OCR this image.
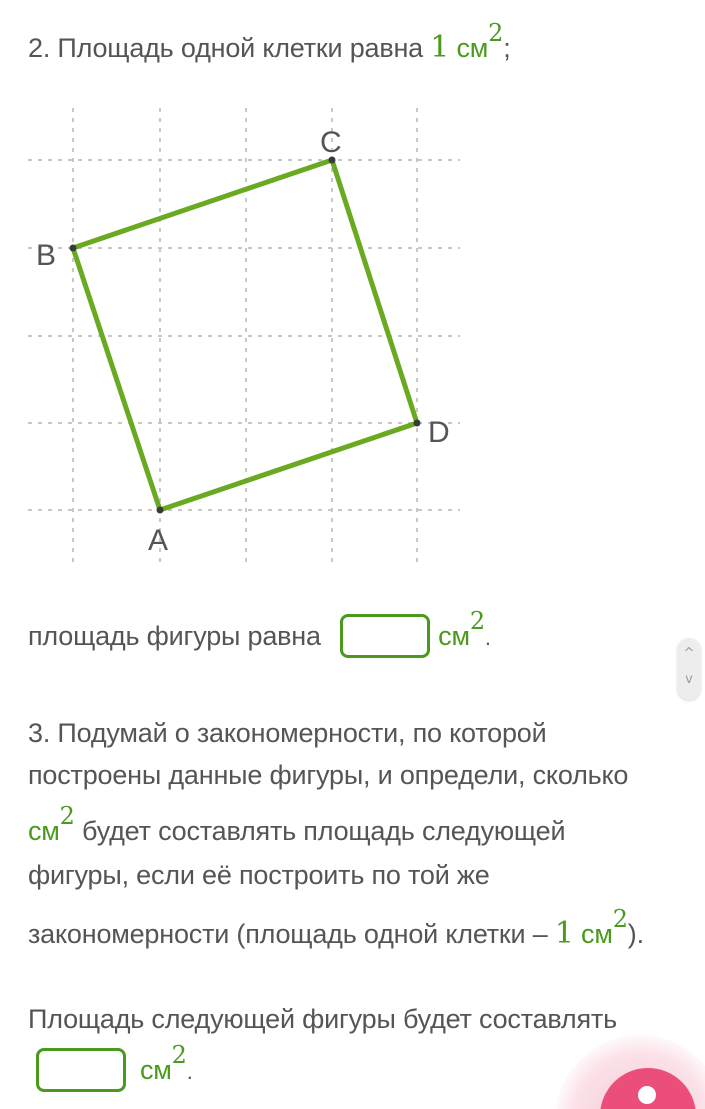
2. Площадь одной клетки равна 1 см2;
A
B
C
D
площадь фигуры равна	см2.
^
v
3. Подумай о закономерности, по которой
построены данные фигуры, и определи, сколько
см2 будет составлять площадь следующей
фигуры, если её построить по той же
закономерности (площадь одной клетки – 1 см2).
Площадь следующей фигуры будет составлять
см2.
